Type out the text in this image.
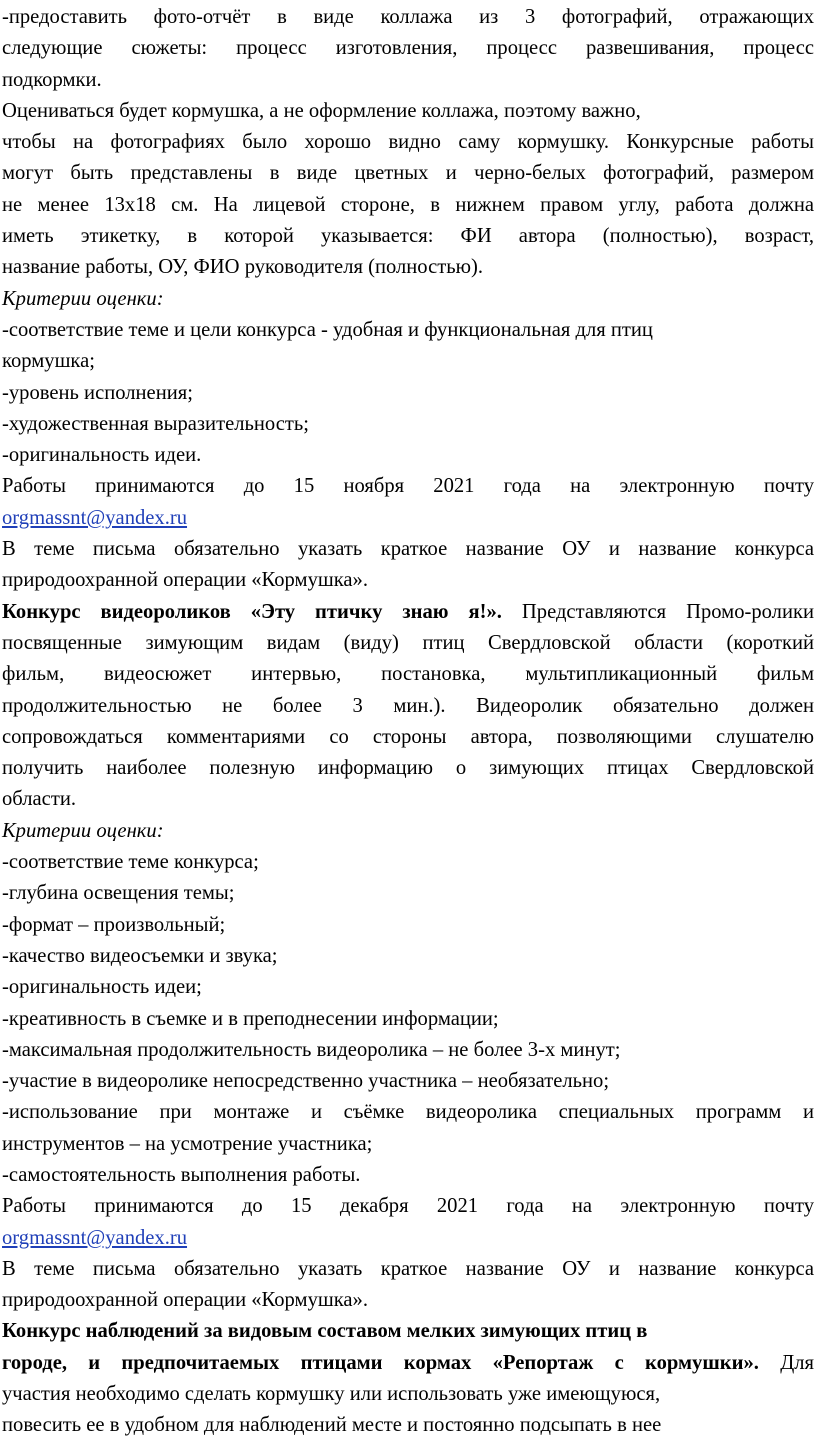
-предоставить фото-отчёт в виде коллажа из 3 фотографий, отражающих

следующие сюжеты: процесс изготовления, процесс развешивания, процесс

подкормки.

Оцениваться будет кормушка, а не оформление коллажа, поэтому важно,

чтобы на фотографиях было хорошо видно саму кормушку. Конкурсные работы

могут быть представлены в виде цветных и черно-белых фотографий, размером

не менее 13х18 см. На лицевой стороне, в нижнем правом углу, работа должна

иметь этикетку, в которой указывается: ФИ автора (полностью), возраст,

название работы, ОУ, ФИО руководителя (полностью).

Критерии оценки:

-соответствие теме и цели конкурса - удобная и функциональная для птиц

кормушка;

-уровень исполнения;

-художественная выразительность;

-оригинальность идеи.

Работы принимаются до 15 ноября 2021 года на электронную почту

orgmassnt@yandex.ru

В теме письма обязательно указать краткое название ОУ и название конкурса

природоохранной операции «Кормушка».

Конкурс видеороликов «Эту птичку знаю я!». Представляются Промо-ролики

посвященные зимующим видам (виду) птиц Свердловской области (короткий

фильм, видеосюжет интервью, постановка, мультипликационный фильм

продолжительностью не более 3 мин.). Видеоролик обязательно должен

сопровождаться комментариями со стороны автора, позволяющими слушателю

получить наиболее полезную информацию о зимующих птицах Свердловской

области.

Критерии оценки:

-соответствие теме конкурса;

-глубина освещения темы;

-формат – произвольный;

-качество видеосъемки и звука;

-оригинальность идеи;

-креативность в съемке и в преподнесении информации;

-максимальная продолжительность видеоролика – не более 3-х минут;

-участие в видеоролике непосредственно участника – необязательно;

-использование при монтаже и съёмке видеоролика специальных программ и

инструментов – на усмотрение участника;

-самостоятельность выполнения работы.

Работы принимаются до 15 декабря 2021 года на электронную почту

orgmassnt@yandex.ru

В теме письма обязательно указать краткое название ОУ и название конкурса

природоохранной операции «Кормушка».

Конкурс наблюдений за видовым составом мелких зимующих птиц в

городе, и предпочитаемых птицами кормах «Репортаж с кормушки». Для

участия необходимо сделать кормушку или использовать уже имеющуюся,

повесить ее в удобном для наблюдений месте и постоянно подсыпать в нее
